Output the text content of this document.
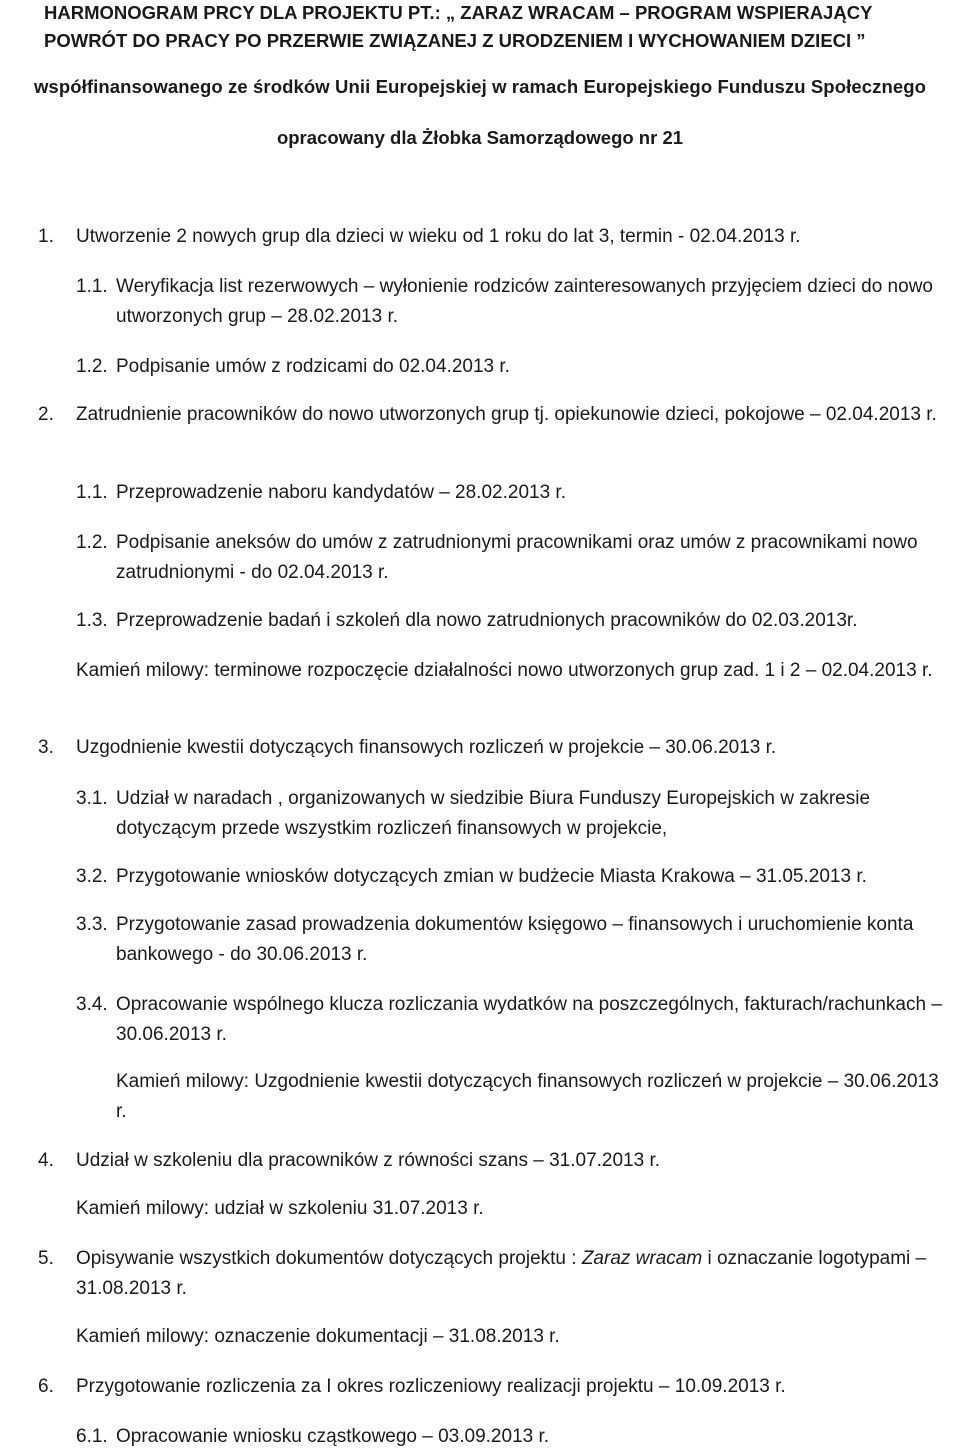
HARMONOGRAM PRCY DLA PROJEKTU PT.: „ ZARAZ WRACAM – PROGRAM WSPIERAJĄCY
POWRÓT DO PRACY PO PRZERWIE ZWIĄZANEJ Z URODZENIEM I WYCHOWANIEM DZIECI ”
współfinansowanego ze środków Unii Europejskiej w ramach Europejskiego Funduszu Społecznego
opracowany dla Żłobka Samorządowego nr 21
1. Utworzenie 2 nowych grup dla dzieci w wieku od 1 roku do lat 3, termin - 02.04.2013 r.
1.1. Weryfikacja list rezerwowych – wyłonienie rodziców zainteresowanych przyjęciem dzieci do nowo utworzonych grup – 28.02.2013 r.
1.2. Podpisanie umów z rodzicami do 02.04.2013 r.
2. Zatrudnienie pracowników do nowo utworzonych grup tj. opiekunowie dzieci, pokojowe – 02.04.2013 r.
1.1. Przeprowadzenie naboru kandydatów – 28.02.2013 r.
1.2. Podpisanie aneksów do umów z zatrudnionymi pracownikami oraz umów z pracownikami nowo zatrudnionymi - do 02.04.2013 r.
1.3. Przeprowadzenie badań i szkoleń dla nowo zatrudnionych pracowników do 02.03.2013r.
Kamień milowy: terminowe rozpoczęcie działalności nowo utworzonych grup zad. 1 i 2 – 02.04.2013 r.
3. Uzgodnienie kwestii dotyczących finansowych rozliczeń w projekcie – 30.06.2013 r.
3.1. Udział w naradach , organizowanych w siedzibie Biura Funduszy Europejskich w zakresie dotyczącym przede wszystkim rozliczeń finansowych w projekcie,
3.2. Przygotowanie wniosków dotyczących zmian w budżecie Miasta Krakowa – 31.05.2013 r.
3.3. Przygotowanie zasad prowadzenia dokumentów księgowo – finansowych i uruchomienie konta bankowego - do 30.06.2013 r.
3.4. Opracowanie wspólnego klucza rozliczania wydatków na poszczególnych, fakturach/rachunkach – 30.06.2013 r.
Kamień milowy: Uzgodnienie kwestii dotyczących finansowych rozliczeń w projekcie – 30.06.2013 r.
4. Udział w szkoleniu dla pracowników z równości szans – 31.07.2013 r.
Kamień milowy: udział w szkoleniu 31.07.2013 r.
5. Opisywanie wszystkich dokumentów dotyczących projektu : Zaraz wracam i oznaczanie logotypami – 31.08.2013 r.
Kamień milowy: oznaczenie dokumentacji – 31.08.2013 r.
6. Przygotowanie rozliczenia za I okres rozliczeniowy realizacji projektu – 10.09.2013 r.
6.1. Opracowanie wniosku cząstkowego – 03.09.2013 r.
